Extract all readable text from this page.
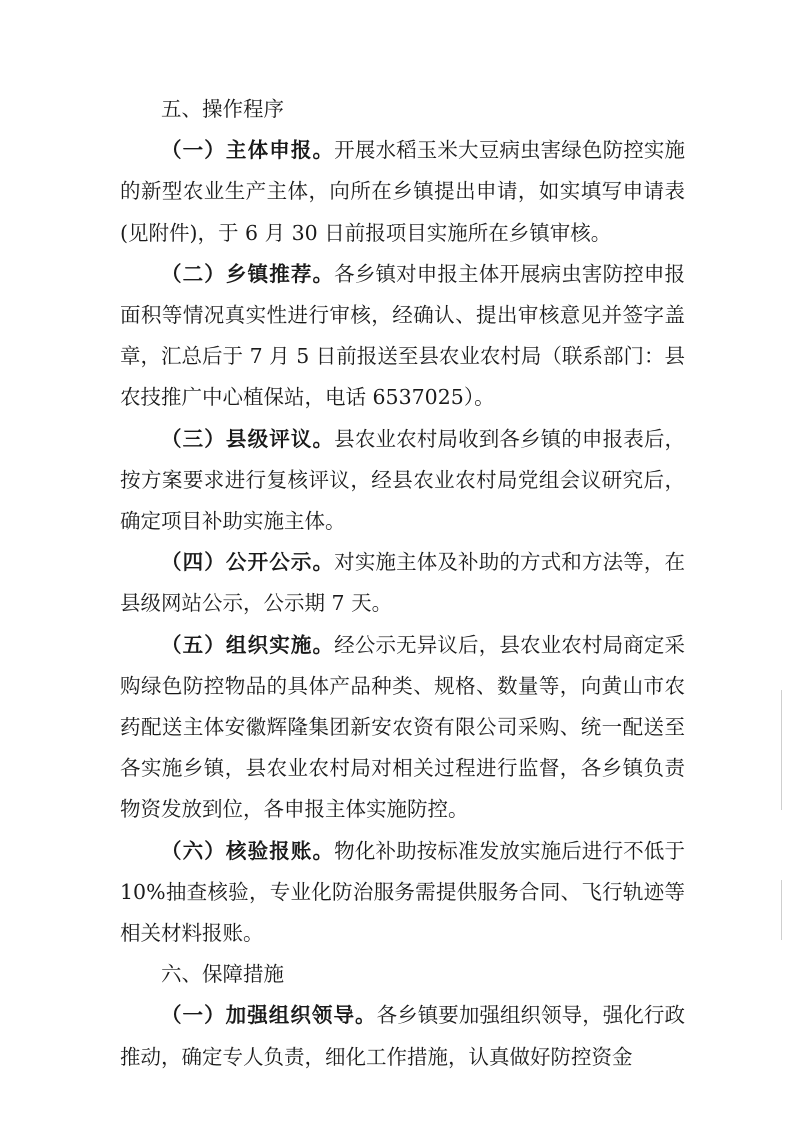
五、操作程序

（一）主体申报。开展水稻玉米大豆病虫害绿色防控实施的新型农业生产主体，向所在乡镇提出申请，如实填写申请表(见附件)，于 6 月 30 日前报项目实施所在乡镇审核。

（二）乡镇推荐。各乡镇对申报主体开展病虫害防控申报面积等情况真实性进行审核，经确认、提出审核意见并签字盖章，汇总后于 7 月 5 日前报送至县农业农村局（联系部门：县农技推广中心植保站，电话 6537025）。

（三）县级评议。县农业农村局收到各乡镇的申报表后，按方案要求进行复核评议，经县农业农村局党组会议研究后，确定项目补助实施主体。

（四）公开公示。对实施主体及补助的方式和方法等，在县级网站公示，公示期 7 天。

（五）组织实施。经公示无异议后，县农业农村局商定采购绿色防控物品的具体产品种类、规格、数量等，向黄山市农药配送主体安徽辉隆集团新安农资有限公司采购、统一配送至各实施乡镇，县农业农村局对相关过程进行监督，各乡镇负责物资发放到位，各申报主体实施防控。

（六）核验报账。物化补助按标准发放实施后进行不低于 10%抽查核验，专业化防治服务需提供服务合同、飞行轨迹等相关材料报账。

六、保障措施

（一）加强组织领导。各乡镇要加强组织领导，强化行政推动，确定专人负责，细化工作措施，认真做好防控资金
